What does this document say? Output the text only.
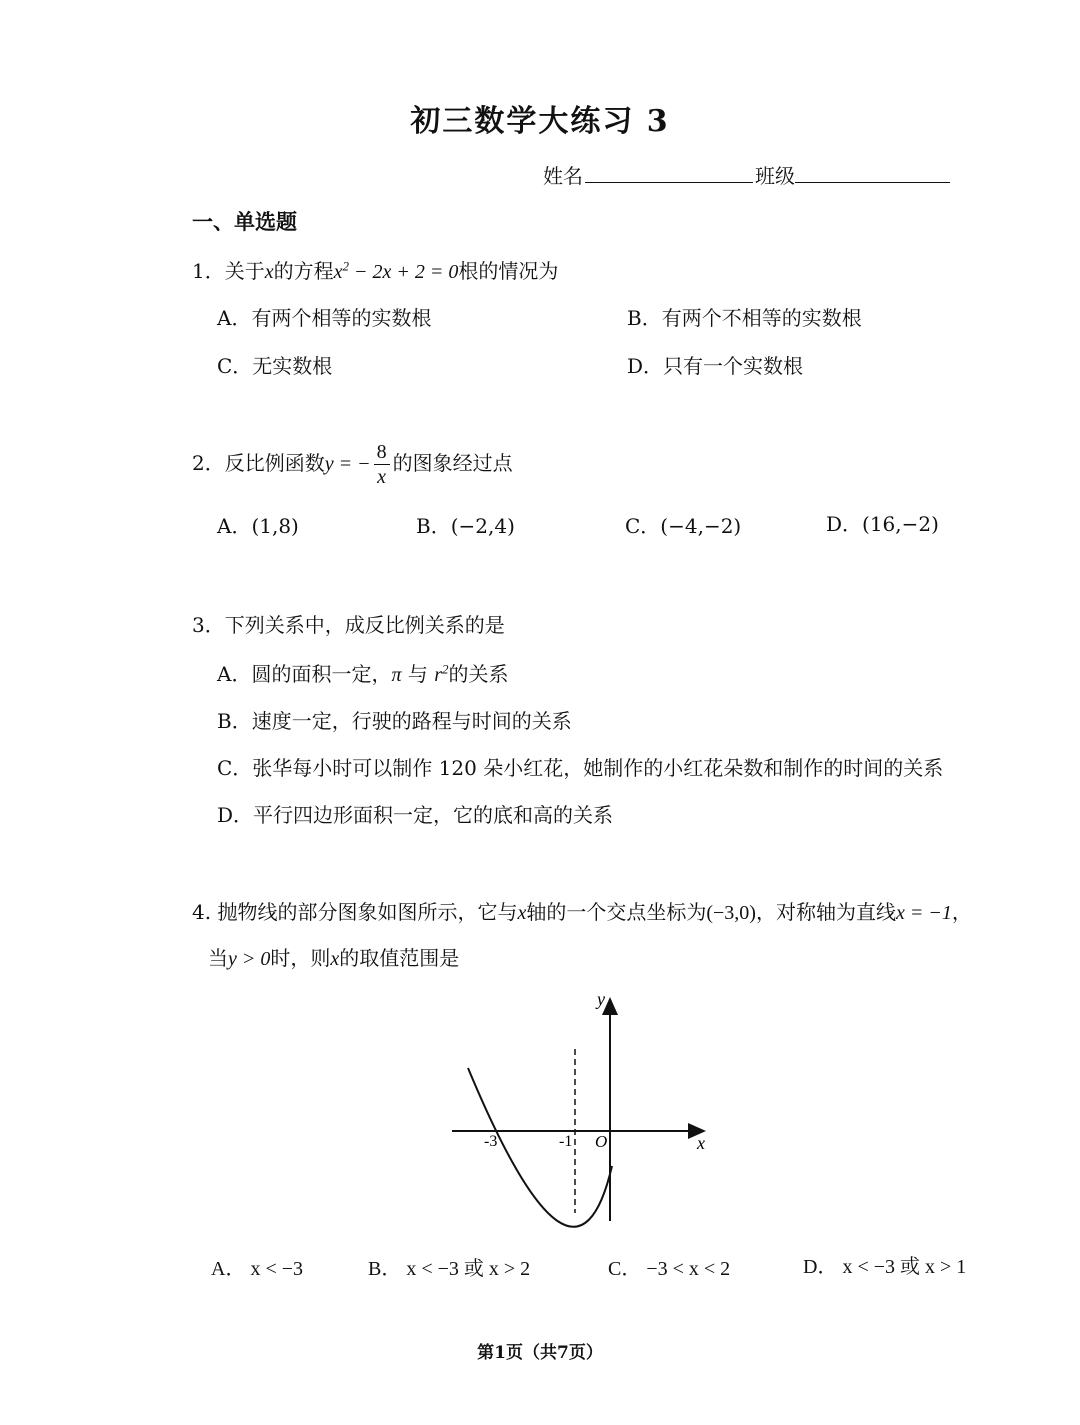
初三数学大练习 3
姓名	班级
一、单选题
1．关于x的方程$x^2 - 2x + 2 = 0$根的情况为
A．有两个相等的实数根	B．有两个不相等的实数根
C．无实数根	D．只有一个实数根
2．反比例函数y = − $\frac{8}{x}$ 的图象经过点
A．(1,8)	B．(−2,4)	C．(−4,−2)	D．(16,−2)
3．下列关系中，成反比例关系的是
A．圆的面积一定，π 与 $r^2$的关系
B．速度一定，行驶的路程与时间的关系
C．张华每小时可以制作 120 朵小红花，她制作的小红花朵数和制作的时间的关系
D．平行四边形面积一定，它的底和高的关系
4. 抛物线的部分图象如图所示，它与x轴的一个交点坐标为(−3,0)，对称轴为直线x = −1，
当y > 0时，则x的取值范围是
y
x
O
-3	-1
A． x < −3	B． x < −3 或 x > 2	C． −3 < x < 2	D． x < −3 或 x > 1
第1页（共7页）
